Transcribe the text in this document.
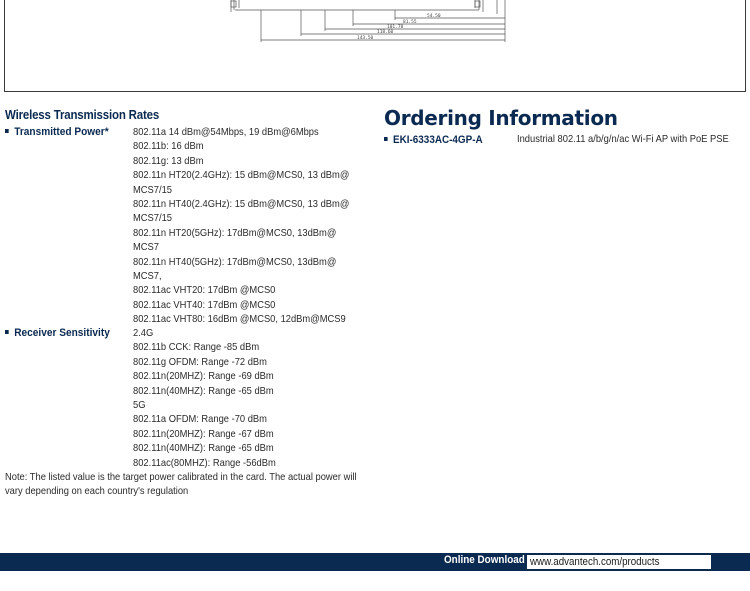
54.50
81.55
101.78
118.60
143.50
Wireless Transmission Rates
Transmitted Power* 802.11a 14 dBm@54Mbps, 19 dBm@6Mbps
802.11b: 16 dBm
802.11g: 13 dBm
802.11n HT20(2.4GHz): 15 dBm@MCS0, 13 dBm@
MCS7/15
802.11n HT40(2.4GHz): 15 dBm@MCS0, 13 dBm@
MCS7/15
802.11n HT20(5GHz): 17dBm@MCS0, 13dBm@
MCS7
802.11n HT40(5GHz): 17dBm@MCS0, 13dBm@
MCS7,
802.11ac VHT20: 17dBm @MCS0
802.11ac VHT40: 17dBm @MCS0
802.11ac VHT80: 16dBm @MCS0, 12dBm@MCS9
Receiver Sensitivity 2.4G
802.11b CCK: Range -85 dBm
802.11g OFDM: Range -72 dBm
802.11n(20MHZ): Range -69 dBm
802.11n(40MHZ): Range -65 dBm
5G
802.11a OFDM: Range -70 dBm
802.11n(20MHZ): Range -67 dBm
802.11n(40MHZ): Range -65 dBm
802.11ac(80MHZ): Range -56dBm
Note: The listed value is the target power calibrated in the card. The actual power will
vary depending on each country's regulation
Ordering Information
EKI-6333AC-4GP-A	Industrial 802.11 a/b/g/n/ac Wi-Fi AP with PoE PSE
Online Download www.advantech.com/products
